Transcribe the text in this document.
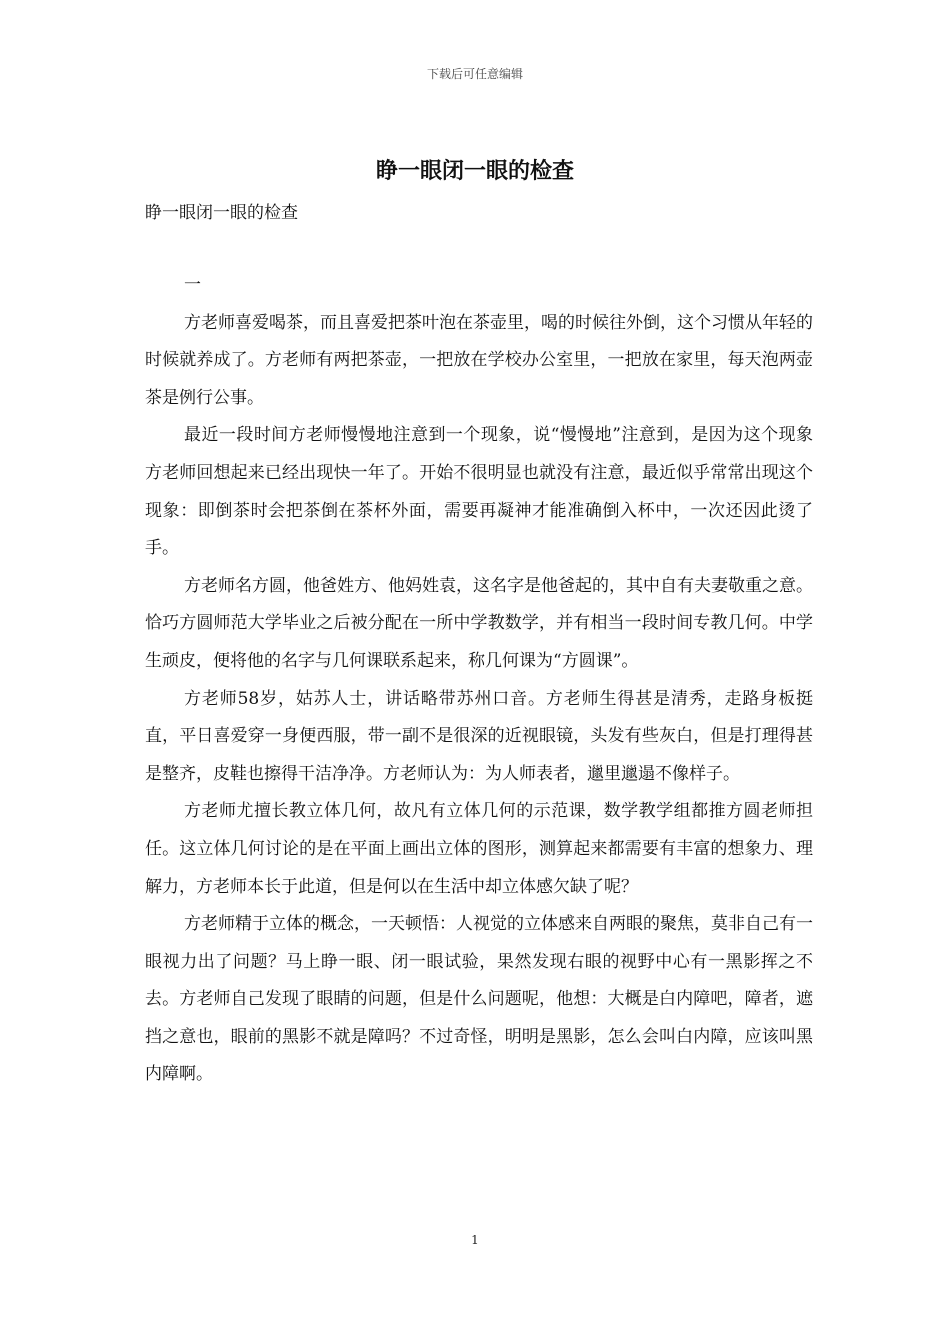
下载后可任意编辑
睁一眼闭一眼的检查
睁一眼闭一眼的检查

一

方老师喜爱喝茶，而且喜爱把茶叶泡在茶壶里，喝的时候往外倒，这个习惯从年轻的时候就养成了。方老师有两把茶壶，一把放在学校办公室里，一把放在家里，每天泡两壶茶是例行公事。

最近一段时间方老师慢慢地注意到一个现象，说“慢慢地”注意到，是因为这个现象方老师回想起来已经出现快一年了。开始不很明显也就没有注意，最近似乎常常出现这个现象：即倒茶时会把茶倒在茶杯外面，需要再凝神才能准确倒入杯中，一次还因此烫了手。

方老师名方圆，他爸姓方、他妈姓袁，这名字是他爸起的，其中自有夫妻敬重之意。恰巧方圆师范大学毕业之后被分配在一所中学教数学，并有相当一段时间专教几何。中学生顽皮，便将他的名字与几何课联系起来，称几何课为“方圆课”。

方老师58岁，姑苏人士，讲话略带苏州口音。方老师生得甚是清秀，走路身板挺直，平日喜爱穿一身便西服，带一副不是很深的近视眼镜，头发有些灰白，但是打理得甚是整齐，皮鞋也擦得干洁净净。方老师认为：为人师表者，邋里邋遢不像样子。

方老师尤擅长教立体几何，故凡有立体几何的示范课，数学教学组都推方圆老师担任。这立体几何讨论的是在平面上画出立体的图形，测算起来都需要有丰富的想象力、理解力，方老师本长于此道，但是何以在生活中却立体感欠缺了呢？

方老师精于立体的概念，一天顿悟：人视觉的立体感来自两眼的聚焦，莫非自己有一眼视力出了问题？马上睁一眼、闭一眼试验，果然发现右眼的视野中心有一黑影挥之不去。方老师自己发现了眼睛的问题，但是什么问题呢，他想：大概是白内障吧，障者，遮挡之意也，眼前的黑影不就是障吗？不过奇怪，明明是黑影，怎么会叫白内障，应该叫黑内障啊。

1
